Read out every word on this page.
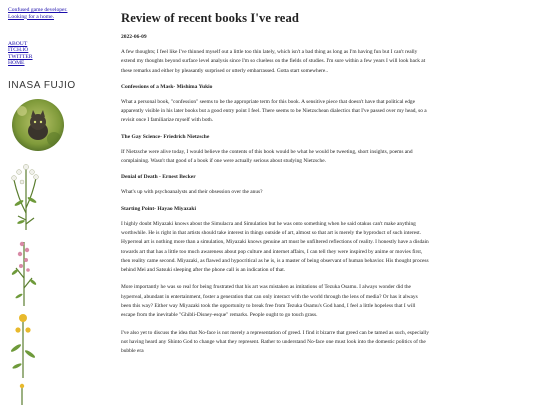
Confused game developer.
Looking for a home.
ABOUT
ITCH.IO
TWITTER
HOME
INASA FUJIO
Review of recent books I've read
2022-06-09

A few thoughts; I feel like I've thinned myself out a little too thin lately, which isn't a bad thing as long as I'm having fun but I can't really extend my thoughts beyond surface level analysis since I'm so clueless on the fields of studies. I'm sure within a few years I will look back at these remarks and either by pleasantly surprised or utterly embarrassed. Gotta start somewhere..

Confessions of a Mask- Mishima Yukio

What a personal book, "confession" seems to be the appropriate term for this book. A sensitive piece that doesn't have that political edge apparently visible in his later books but a good entry point I feel. There seems to be Nietzschean dialectics that I've passed over my head, so a revisit once I familiarize myself with both.

The Gay Science- Friedrich Nietzsche

If Nietzsche were alive today, I would believe the contents of this book would be what he would be tweeting, short insights, poems and complaining. Wasn't that good of a book if one were actually serious about studying Nietzsche.

Denial of Death - Ernest Becker

What's up with psychoanalysts and their obsession over the anus?

Starting Point- Hayao Miyazaki

I highly doubt Miyazaki knows about the Simulacra and Simulation but he was onto something when he said otakus can't make anything worthwhile. He is right in that artists should take interest in things outside of art, almost so that art is merely the byproduct of such interest. Hyperreal art is nothing more than a simulation, Miyazaki knows genuine art must be unfiltered reflections of reality. I honestly have a disdain towards art that has a little too much awareness about pop culture and internet affairs, I can tell they were inspired by anime or movies first, then reality came second. Miyazaki, as flawed and hypocritical as he is, is a master of being observant of human behavior. His thought process behind Mei and Satsuki sleeping after the phone call is an indication of that.

More importantly he was so real for being frustrated that his art was mistaken as imitations of Tezuka Osamu. I always wonder did the hyperreal, abundant in entertainment, foster a generation that can only interact with the world through the lens of media? Or has it always been this way? Either way Miyazaki took the opportunity to break free from Tezuka Osamu's God hand, I feel a little hopeless that I will escape from the inevitable "Ghibli-Disney-esque" remarks. People ought to go touch grass.

I've also yet to discuss the idea that No-face is not merely a representation of greed. I find it bizarre that greed can be tamed as such, especially not having heard any Shinto God to change what they represent. Rather to understand No-face one must look into the domestic politics of the bubble era
